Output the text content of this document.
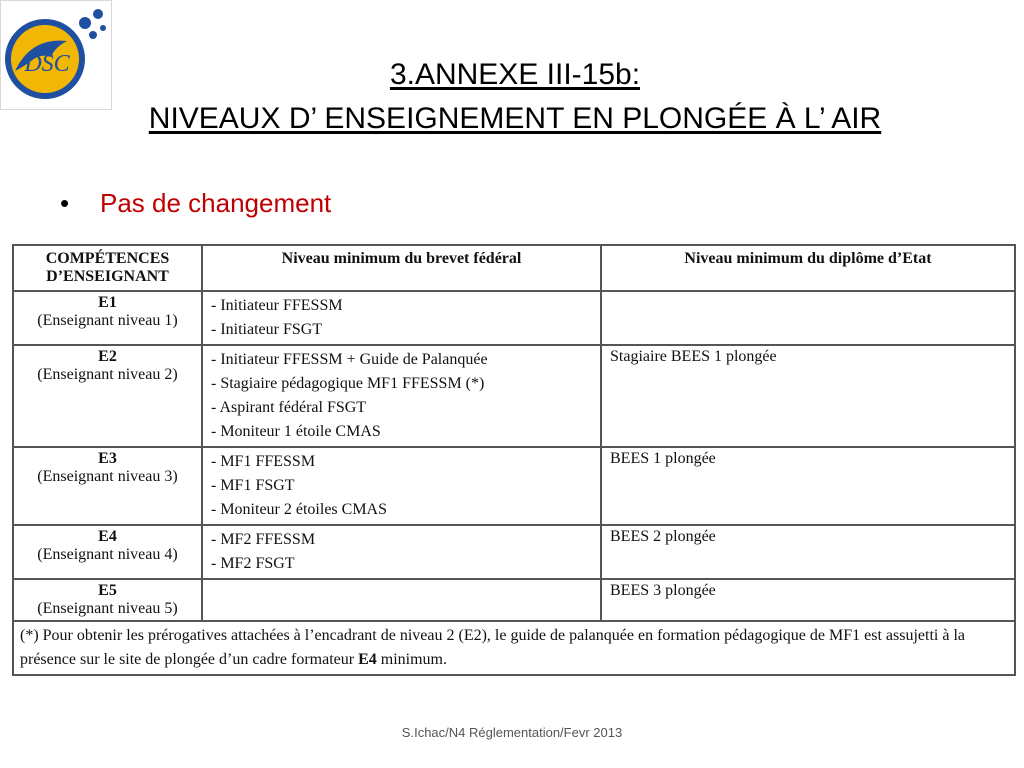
DSC	3.ANNEXE III-15b:
NIVEAUX D’ ENSEIGNEMENT EN PLONGÉE À L’ AIR
• Pas de changement
COMPÉTENCES D’ENSEIGNANT	Niveau minimum du brevet fédéral	Niveau minimum du diplôme d’Etat

E1
(Enseignant niveau 1)	- Initiateur FFESSM
- Initiateur FSGT	

E2
(Enseignant niveau 2)	- Initiateur FFESSM + Guide de Palanquée
- Stagiaire pédagogique MF1 FFESSM (*)
- Aspirant fédéral FSGT
- Moniteur 1 étoile CMAS	Stagiaire BEES 1 plongée

E3
(Enseignant niveau 3)	- MF1 FFESSM
- MF1 FSGT
- Moniteur 2 étoiles CMAS	BEES 1 plongée

E4
(Enseignant niveau 4)	- MF2 FFESSM
- MF2 FSGT	BEES 2 plongée

E5
(Enseignant niveau 5)		BEES 3 plongée
(*) Pour obtenir les prérogatives attachées à l’encadrant de niveau 2 (E2), le guide de palanquée en formation pédagogique de MF1 est assujetti à la présence sur le site de plongée d’un cadre formateur E4 minimum.		
S.Ichac/N4 Réglementation/Fevr 2013
